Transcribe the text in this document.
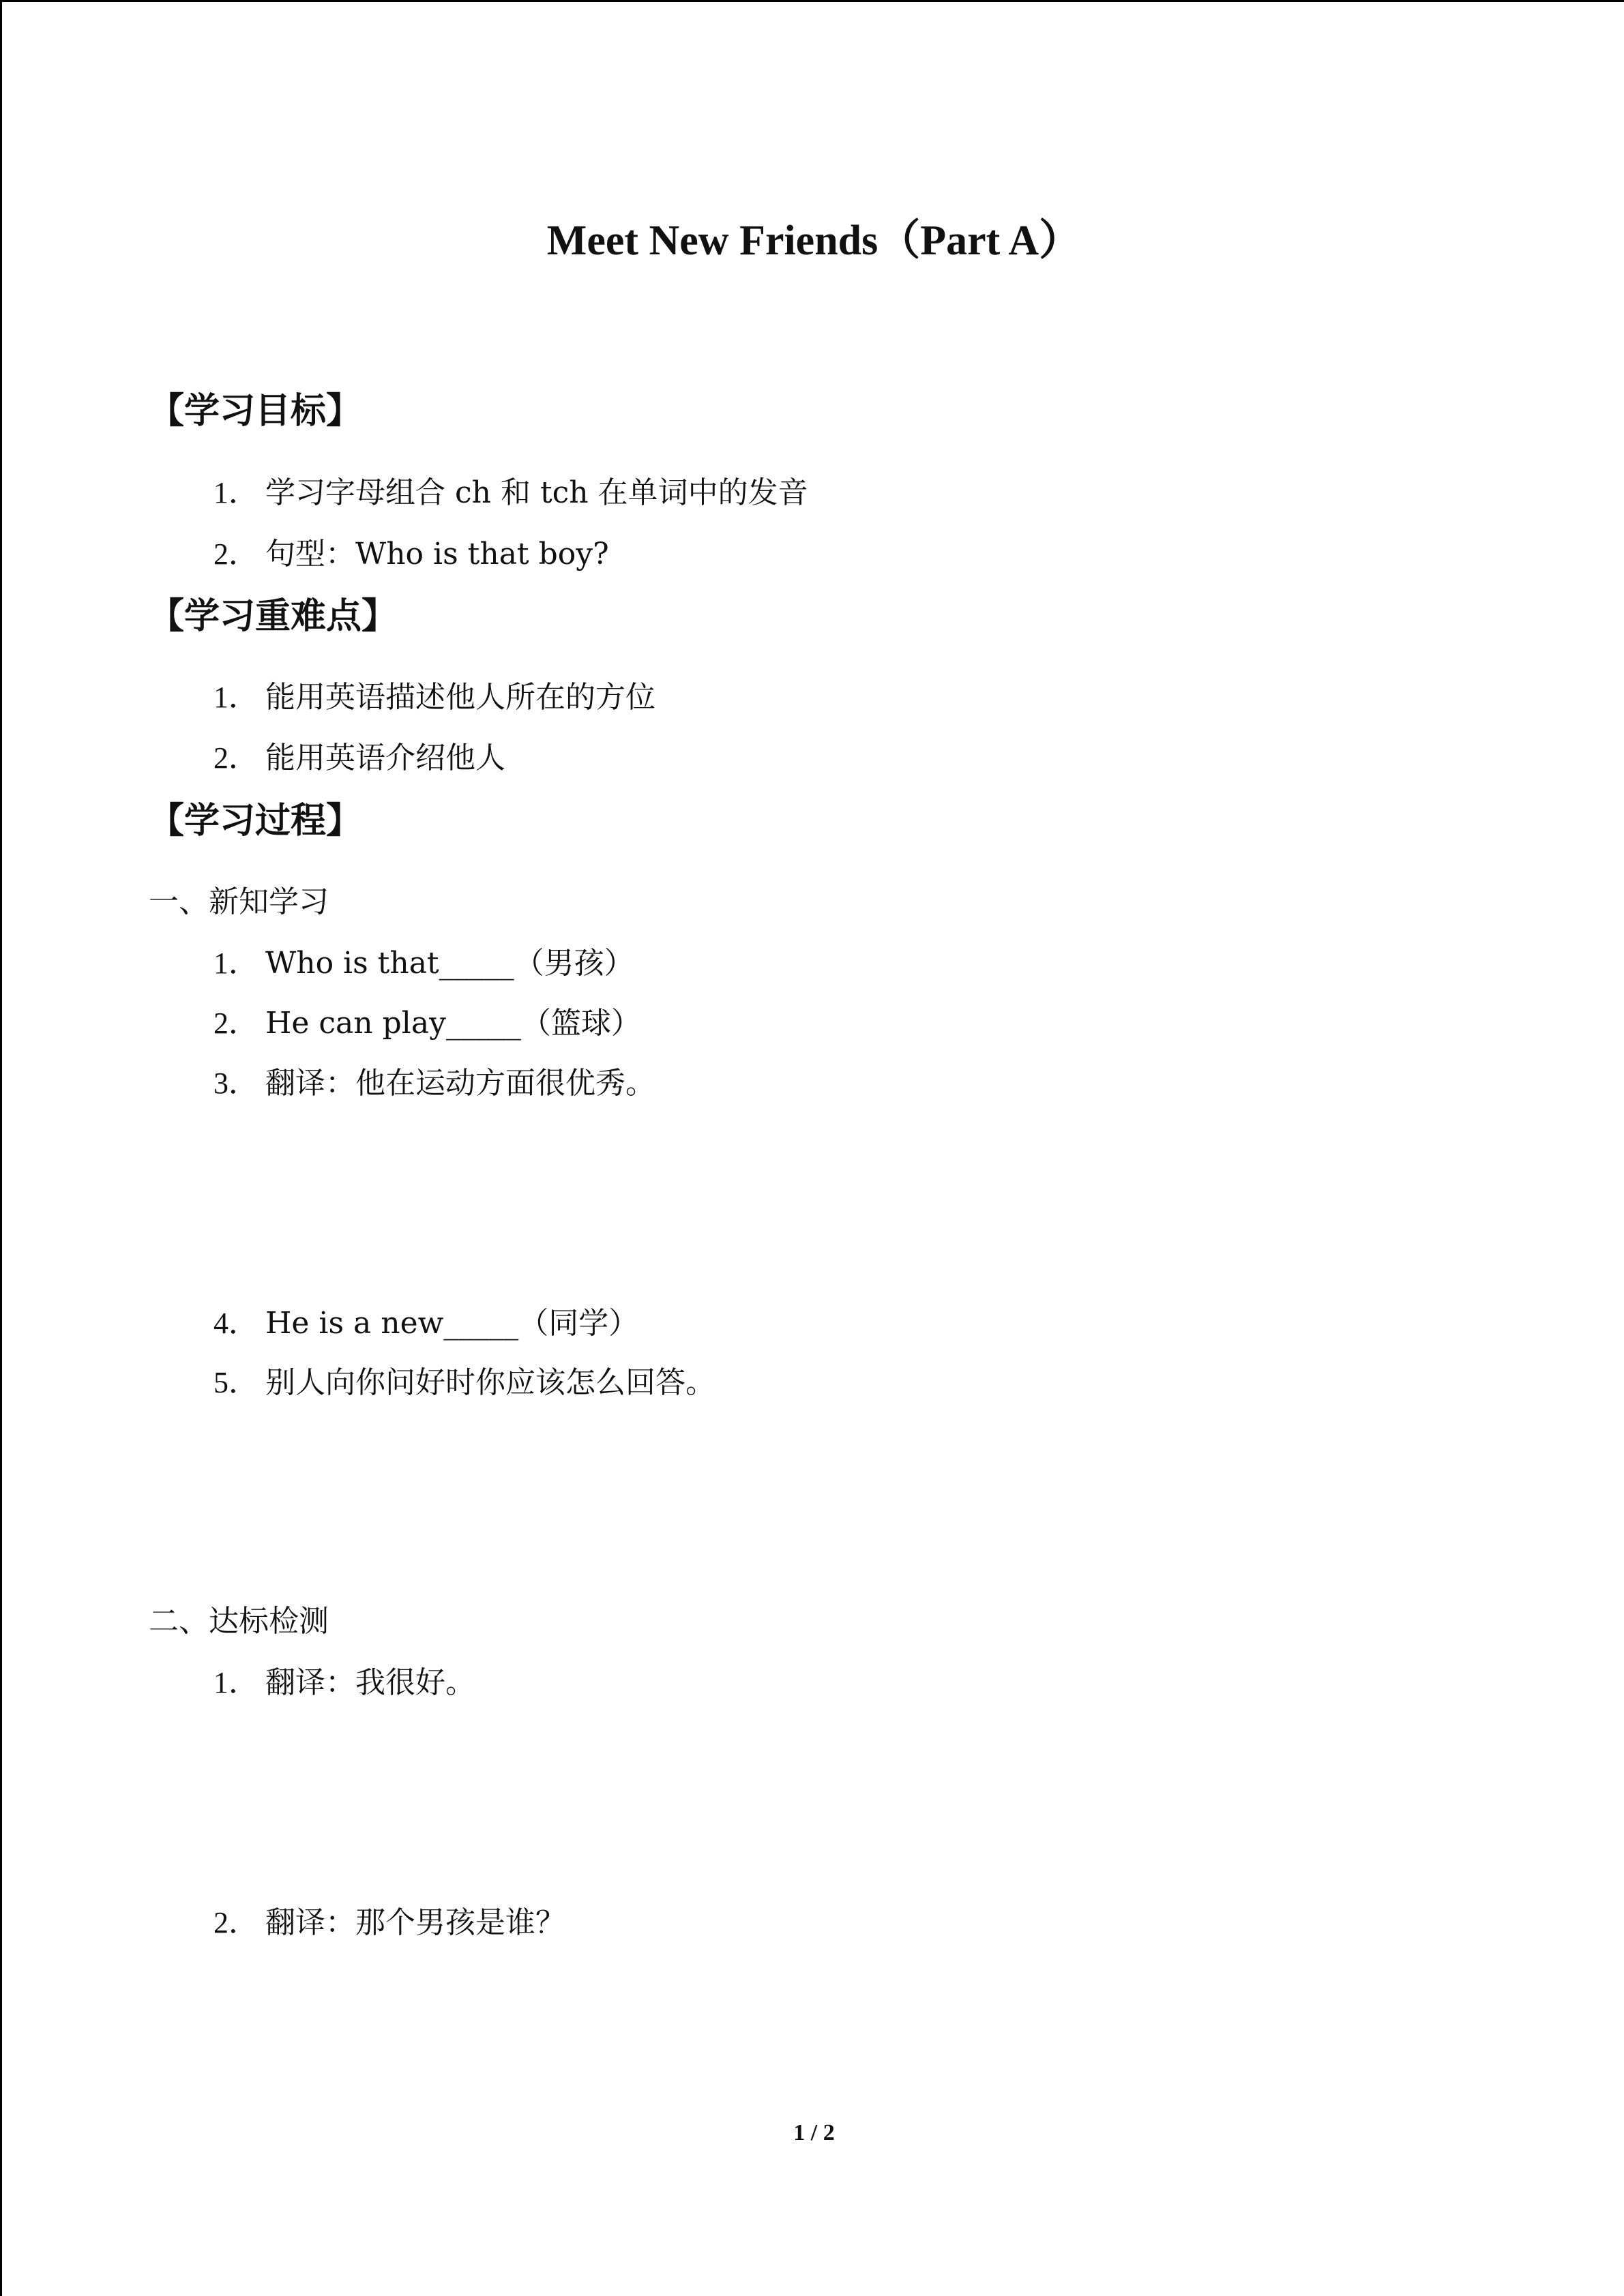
Meet New Friends（Part A）
【学习目标】
1． 学习字母组合 ch 和 tch 在单词中的发音
2． 句型：Who is that boy?
【学习重难点】
1． 能用英语描述他人所在的方位
2． 能用英语介绍他人
【学习过程】
一、新知学习
1． Who is that_____（男孩）
2． He can play_____（篮球）
3． 翻译：他在运动方面很优秀。
4． He is a new_____（同学）
5． 别人向你问好时你应该怎么回答。
二、达标检测
1． 翻译：我很好。
2． 翻译：那个男孩是谁？
1 / 2
